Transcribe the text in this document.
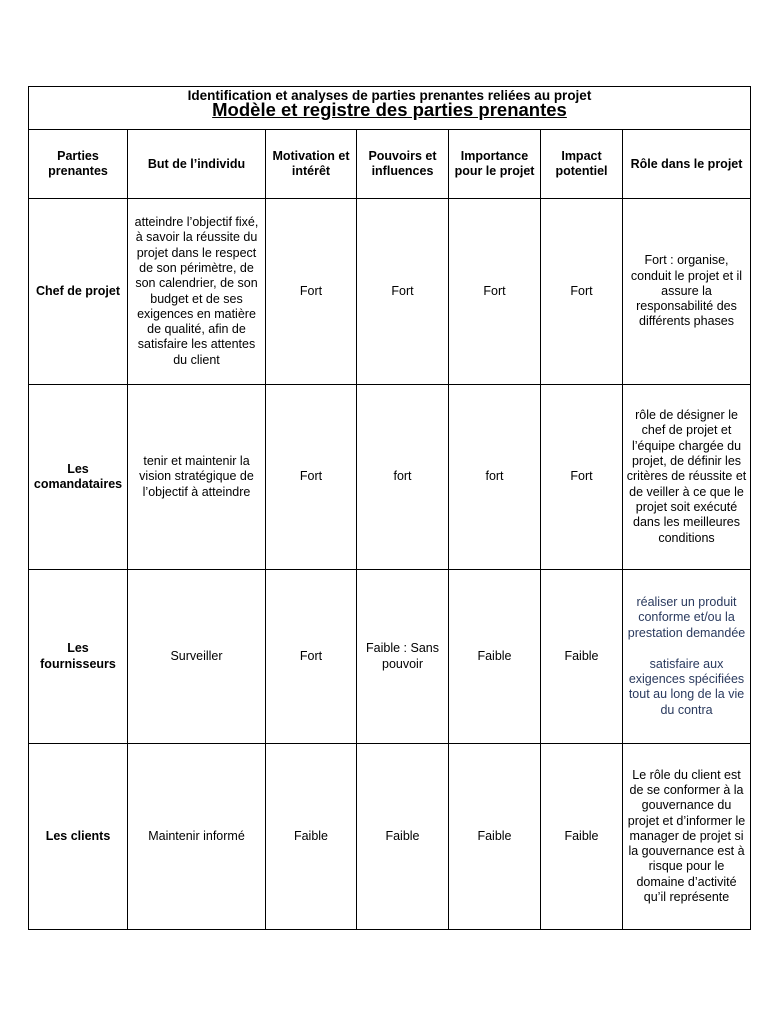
Identification et analyses de parties prenantes reliées au projet
Modèle et registre des parties prenantes						

Parties prenantes	But de l’individu	Motivation et intérêt	Pouvoirs et influences	Importance pour le projet	Impact potentiel	Rôle dans le projet
Chef de projet	atteindre l’objectif fixé, à savoir la réussite du projet dans le respect de son périmètre, de son calendrier, de son budget et de ses exigences en matière de qualité, afin de satisfaire les attentes du client	Fort	Fort	Fort	Fort	Fort : organise, conduit le projet et il assure la responsabilité des différents phases
Les comandataires	tenir et maintenir la vision stratégique de l’objectif à atteindre	Fort	fort	fort	Fort	rôle de désigner le chef de projet et l’équipe chargée du projet, de définir les critères de réussite et de veiller à ce que le projet soit exécuté dans les meilleures conditions
Les fournisseurs	Surveiller	Fort	Faible : Sans pouvoir	Faible	Faible	réaliser un produit conforme et/ou la prestation demandée
satisfaire aux exigences spécifiées tout au long de la vie du contra

Les clients	Maintenir informé	Faible	Faible	Faible	Faible	Le rôle du client est de se conformer à la gouvernance du projet et d’informer le manager de projet si la gouvernance est à risque pour le domaine d’activité qu’il représente
